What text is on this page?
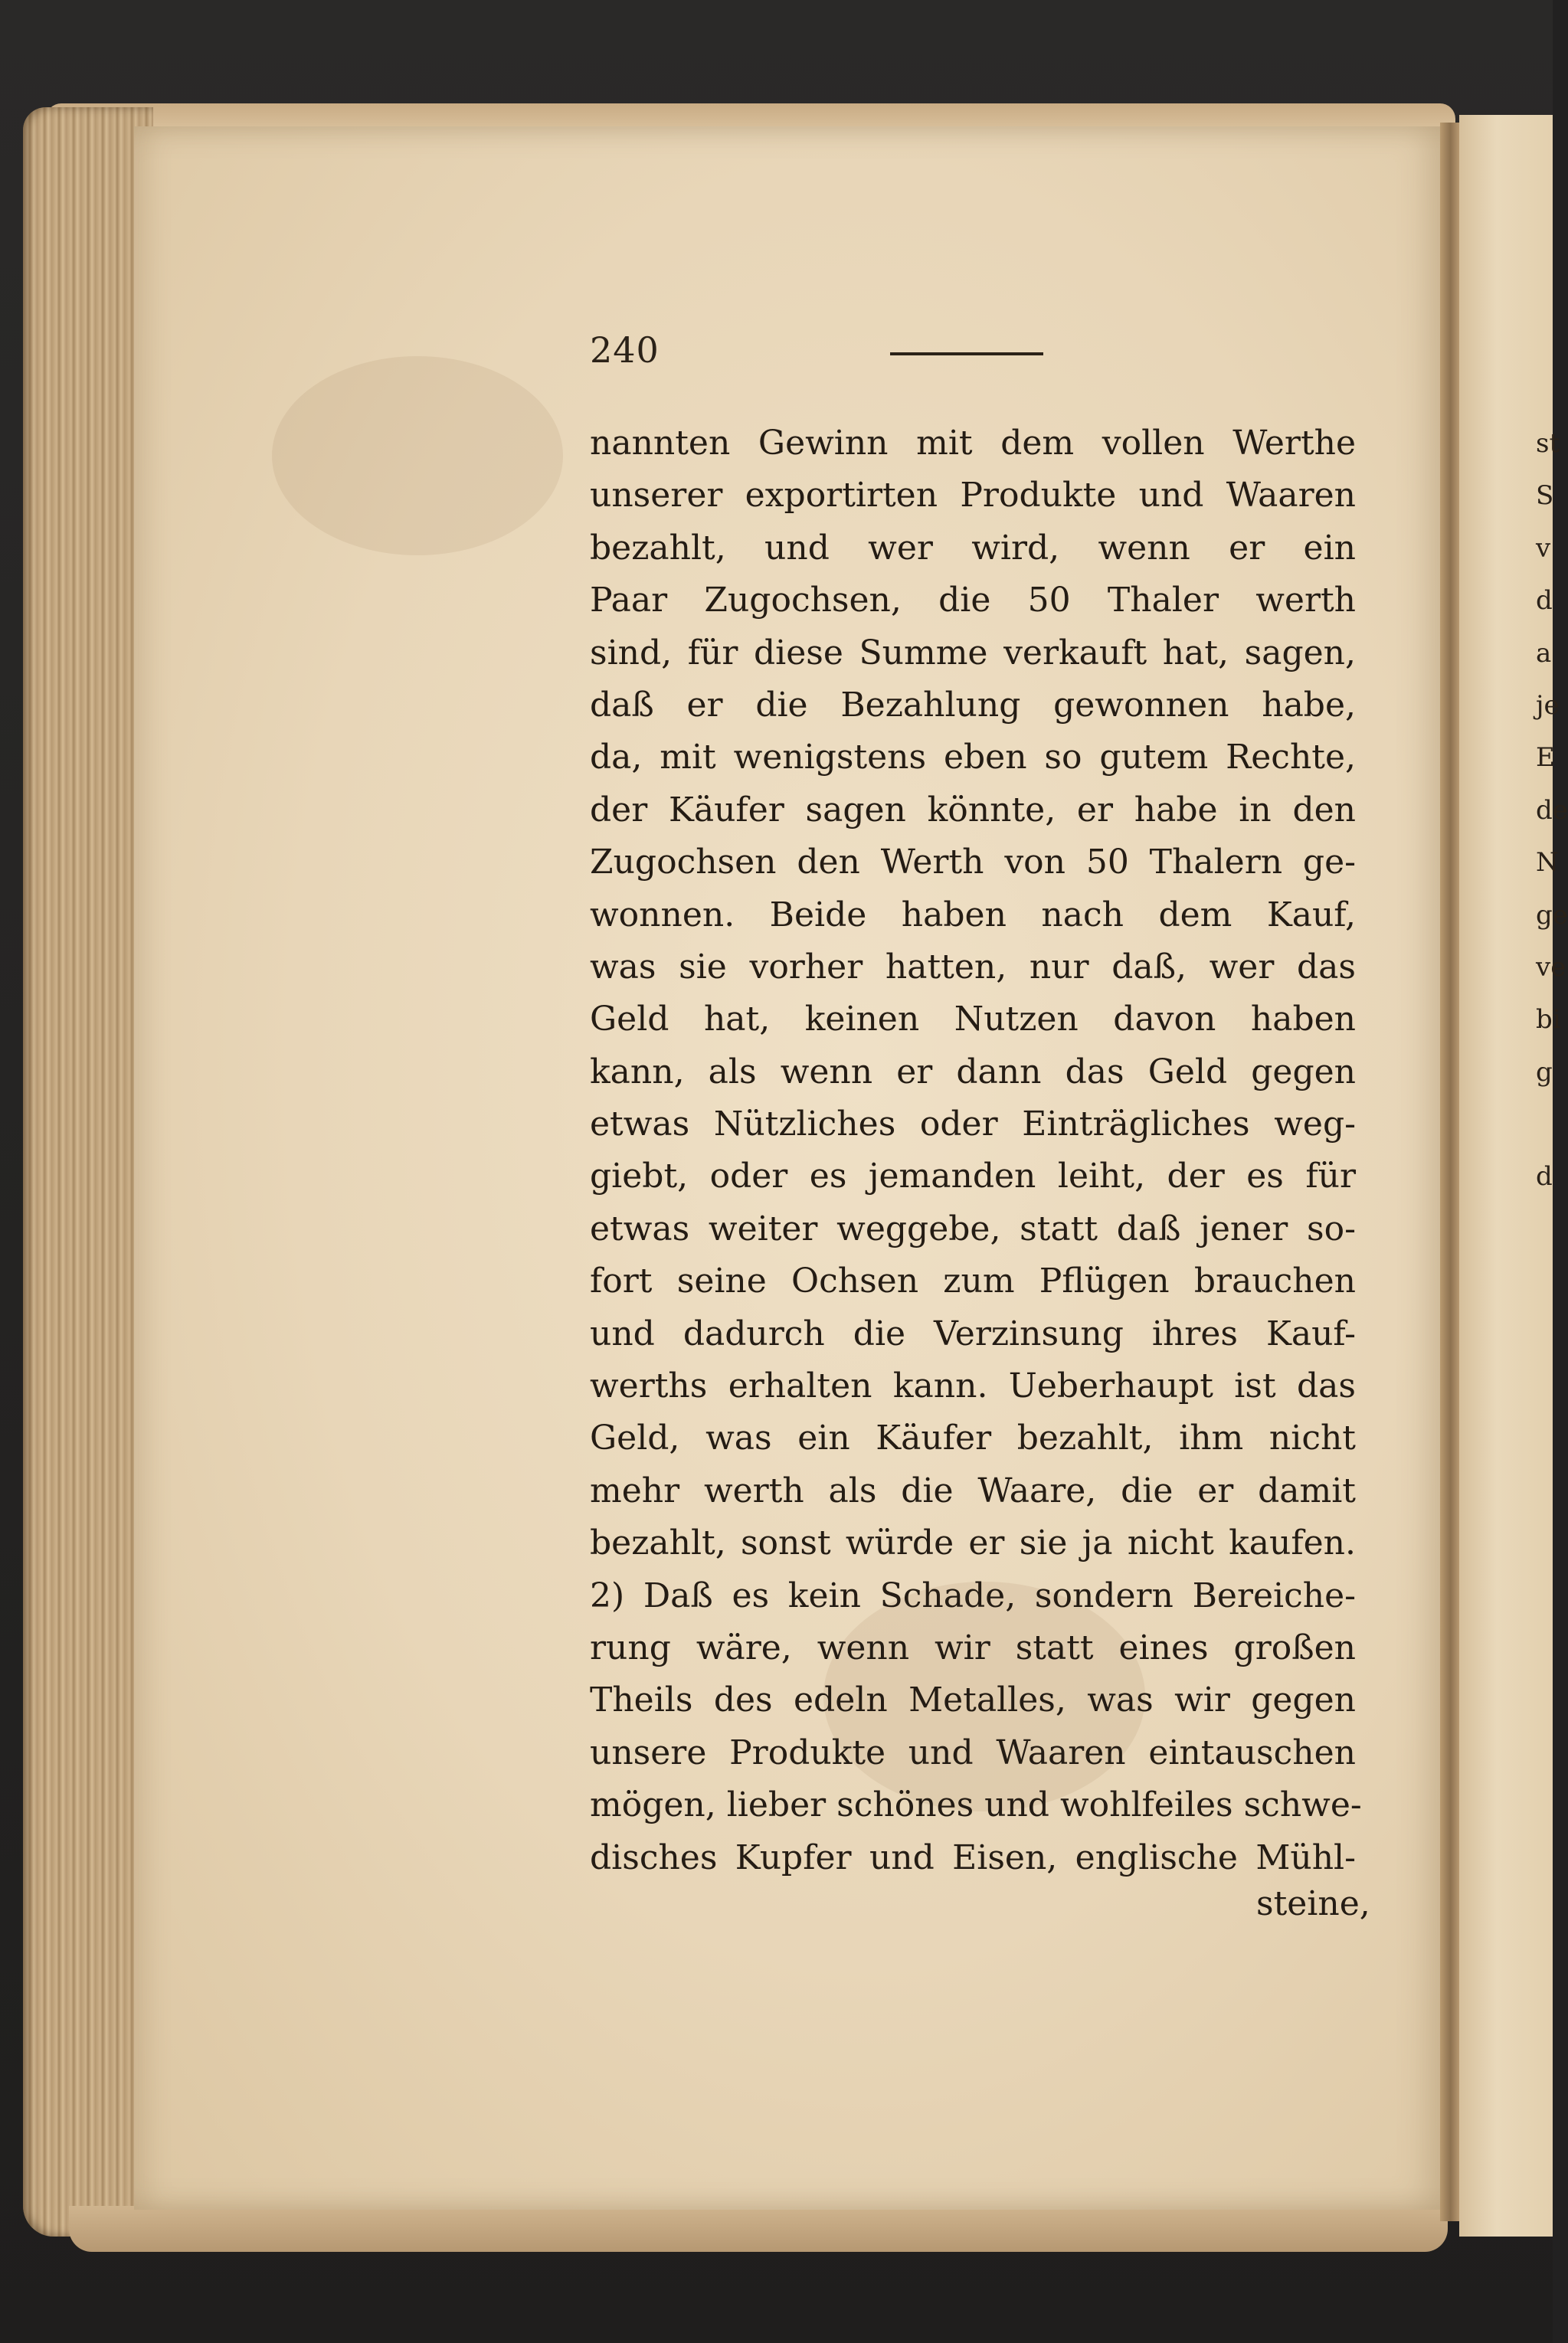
st
S
v
d
a
je
E
de
N
ge
ve
bi
g
d
240
nannten Gewinn mit dem vollen Werthe
unserer exportirten Produkte und Waaren
bezahlt, und wer wird, wenn er ein
Paar Zugochsen, die 50 Thaler werth
sind, für diese Summe verkauft hat, sagen,
daß er die Bezahlung gewonnen habe,
da, mit wenigstens eben so gutem Rechte,
der Käufer sagen könnte, er habe in den
Zugochsen den Werth von 50 Thalern ge-
wonnen. Beide haben nach dem Kauf,
was sie vorher hatten, nur daß, wer das
Geld hat, keinen Nutzen davon haben
kann, als wenn er dann das Geld gegen
etwas Nützliches oder Einträgliches weg-
giebt, oder es jemanden leiht, der es für
etwas weiter weggebe, statt daß jener so-
fort seine Ochsen zum Pflügen brauchen
und dadurch die Verzinsung ihres Kauf-
werths erhalten kann. Ueberhaupt ist das
Geld, was ein Käufer bezahlt, ihm nicht
mehr werth als die Waare, die er damit
bezahlt, sonst würde er sie ja nicht kaufen.
2) Daß es kein Schade, sondern Bereiche-
rung wäre, wenn wir statt eines großen
Theils des edeln Metalles, was wir gegen
unsere Produkte und Waaren eintauschen
mögen, lieber schönes und wohlfeiles schwe-
disches Kupfer und Eisen, englische Mühl-
steine,
